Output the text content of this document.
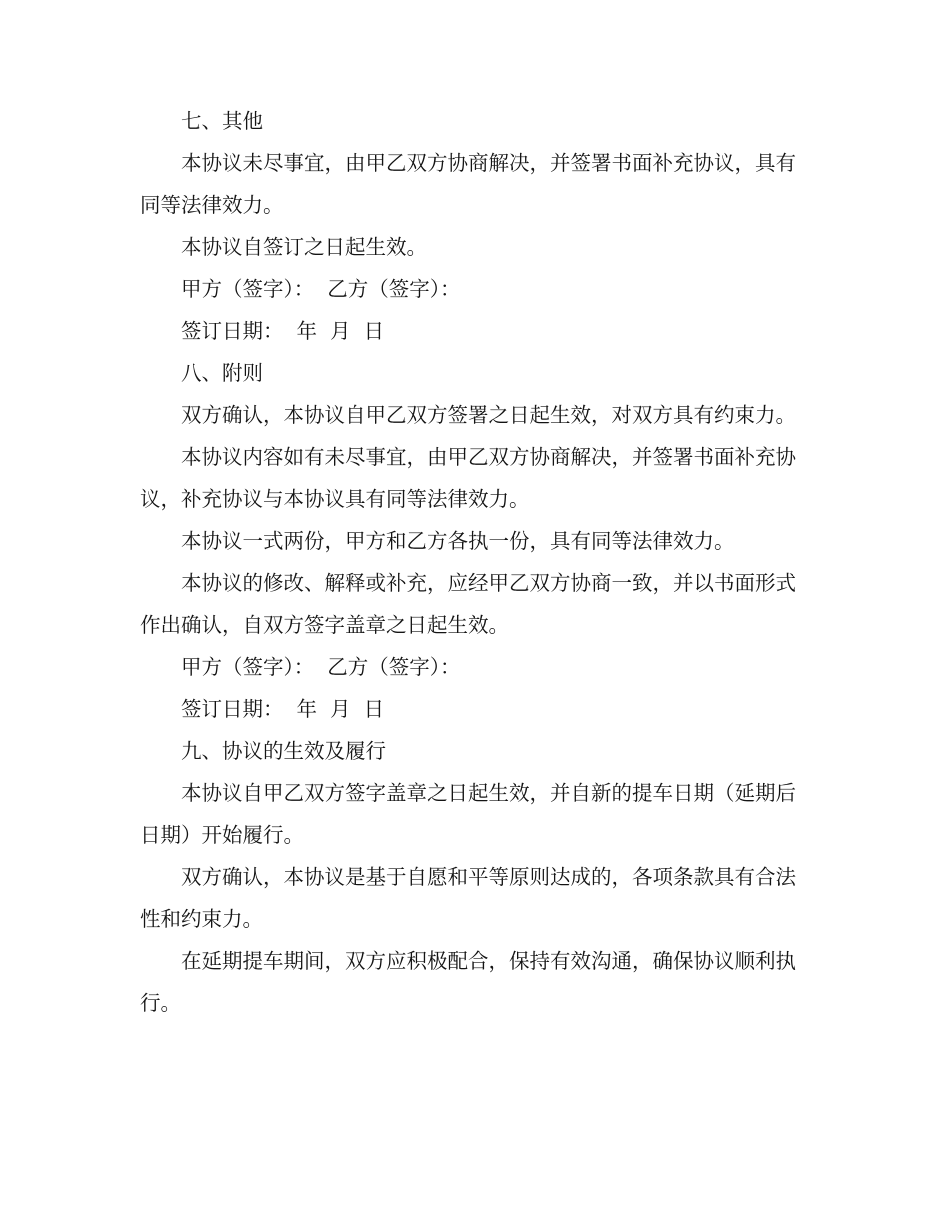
七、其他

本协议未尽事宜，由甲乙双方协商解决，并签署书面补充协议，具有同等法律效力。

本协议自签订之日起生效。

甲方（签字）：  乙方（签字）：

签订日期：  年  月  日

八、附则

双方确认，本协议自甲乙双方签署之日起生效，对双方具有约束力。

本协议内容如有未尽事宜，由甲乙双方协商解决，并签署书面补充协议，补充协议与本协议具有同等法律效力。

本协议一式两份，甲方和乙方各执一份，具有同等法律效力。

本协议的修改、解释或补充，应经甲乙双方协商一致，并以书面形式作出确认，自双方签字盖章之日起生效。

甲方（签字）：  乙方（签字）：

签订日期：  年  月  日

九、协议的生效及履行

本协议自甲乙双方签字盖章之日起生效，并自新的提车日期（延期后日期）开始履行。

双方确认，本协议是基于自愿和平等原则达成的，各项条款具有合法性和约束力。

在延期提车期间，双方应积极配合，保持有效沟通，确保协议顺利执行。
